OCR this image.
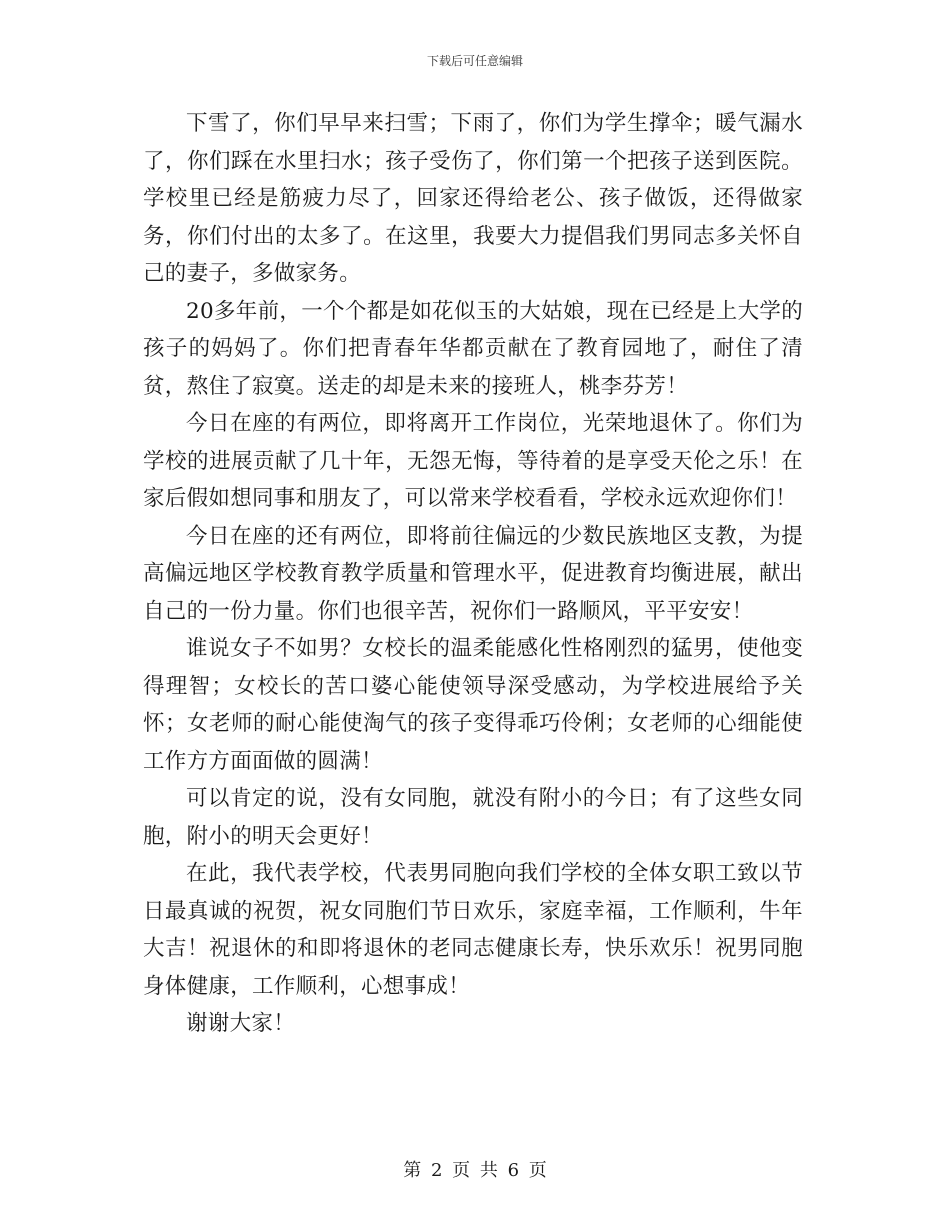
下载后可任意编辑

下雪了，你们早早来扫雪；下雨了，你们为学生撑伞；暖气漏水了，你们踩在水里扫水；孩子受伤了，你们第一个把孩子送到医院。学校里已经是筋疲力尽了，回家还得给老公、孩子做饭，还得做家务，你们付出的太多了。在这里，我要大力提倡我们男同志多关怀自己的妻子，多做家务。

20多年前，一个个都是如花似玉的大姑娘，现在已经是上大学的孩子的妈妈了。你们把青春年华都贡献在了教育园地了，耐住了清贫，熬住了寂寞。送走的却是未来的接班人，桃李芬芳！

今日在座的有两位，即将离开工作岗位，光荣地退休了。你们为学校的进展贡献了几十年，无怨无悔，等待着的是享受天伦之乐！在家后假如想同事和朋友了，可以常来学校看看，学校永远欢迎你们！

今日在座的还有两位，即将前往偏远的少数民族地区支教，为提高偏远地区学校教育教学质量和管理水平，促进教育均衡进展，献出自己的一份力量。你们也很辛苦，祝你们一路顺风，平平安安！

谁说女子不如男？女校长的温柔能感化性格刚烈的猛男，使他变得理智；女校长的苦口婆心能使领导深受感动，为学校进展给予关怀；女老师的耐心能使淘气的孩子变得乖巧伶俐；女老师的心细能使工作方方面面做的圆满！

可以肯定的说，没有女同胞，就没有附小的今日；有了这些女同胞，附小的明天会更好！

在此，我代表学校，代表男同胞向我们学校的全体女职工致以节日最真诚的祝贺，祝女同胞们节日欢乐，家庭幸福，工作顺利，牛年大吉！祝退休的和即将退休的老同志健康长寿，快乐欢乐！祝男同胞身体健康，工作顺利，心想事成！

谢谢大家！

第 2 页 共 6 页
